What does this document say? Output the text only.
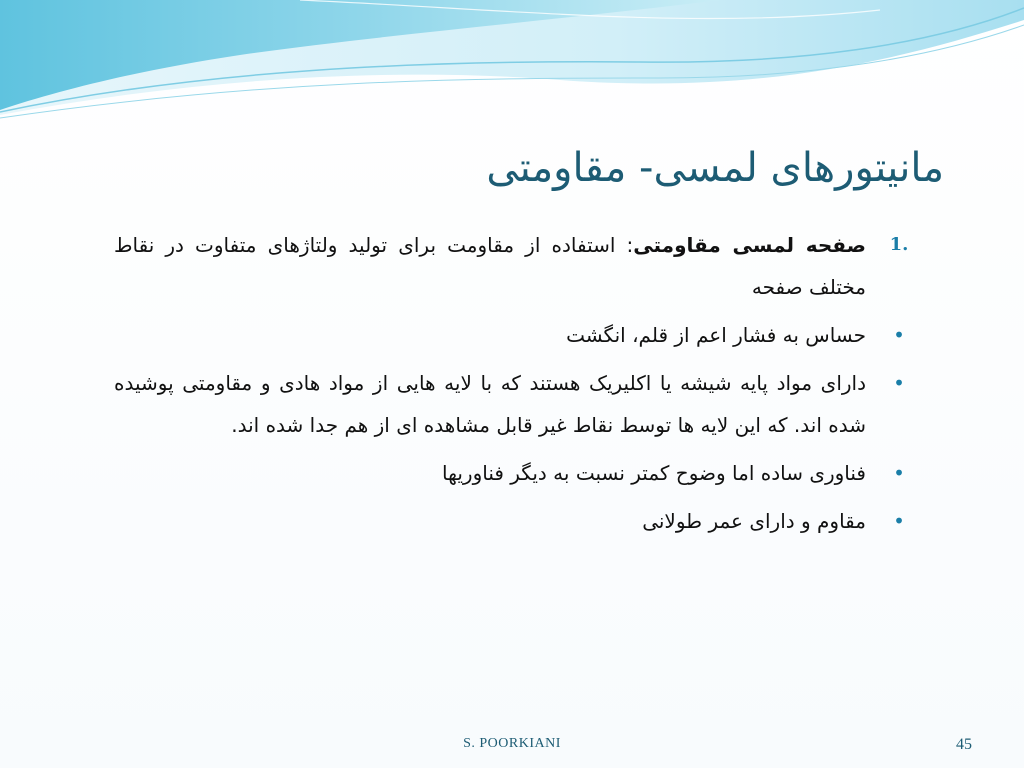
مانیتورهای لمسی- مقاومتی
.1
صفحه لمسی مقاومتی: استفاده از مقاومت برای تولید ولتاژهای متفاوت در نقاط مختلف صفحه
•
حساس به فشار اعم از قلم، انگشت
•
دارای مواد پایه شیشه یا اکلیریک هستند که با لایه هایی از مواد هادی و مقاومتی پوشیده شده اند. که این لایه ها توسط نقاط غیر قابل مشاهده ای از هم جدا شده اند.
•
فناوری ساده اما وضوح کمتر نسبت به دیگر فناوریها
•
مقاوم و دارای عمر طولانی
S. POORKIANI	45
